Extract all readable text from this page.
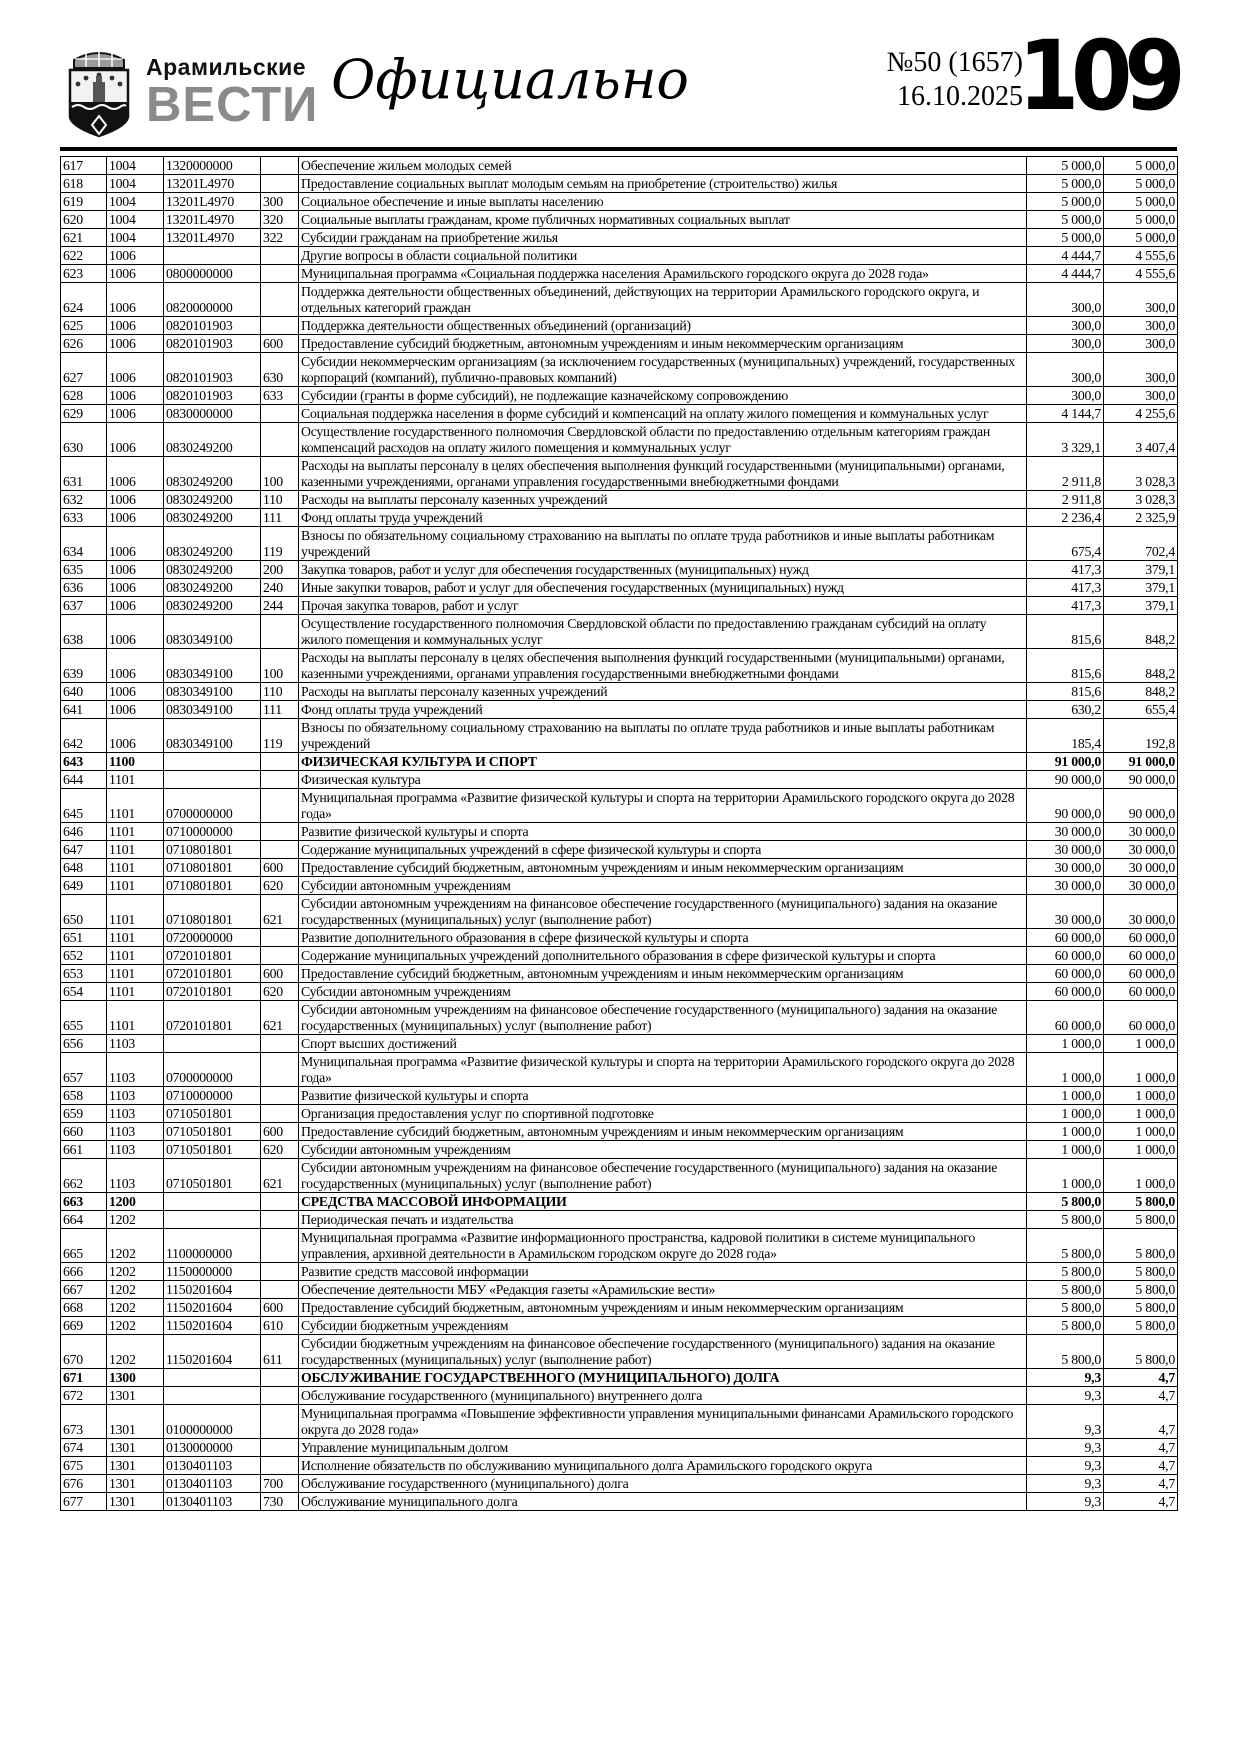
Арамильские
ВЕСТИ Официально	№50 (1657)
16.10.2025
109
617	1004	1320000000		Обеспечение жильем молодых семей	5 000,0	5 000,0
618	1004	13201L4970		Предоставление социальных выплат молодым семьям на приобретение (строительство) жилья	5 000,0	5 000,0
619	1004	13201L4970	300	Социальное обеспечение и иные выплаты населению	5 000,0	5 000,0
620	1004	13201L4970	320	Социальные выплаты гражданам, кроме публичных нормативных социальных выплат	5 000,0	5 000,0
621	1004	13201L4970	322	Субсидии гражданам на приобретение жилья	5 000,0	5 000,0
622	1006			Другие вопросы в области социальной политики	4 444,7	4 555,6
623	1006	0800000000		Муниципальная программа «Социальная поддержка населения Арамильского городского округа до 2028 года»	4 444,7	4 555,6
624	1006	0820000000		Поддержка деятельности общественных объединений, действующих на территории Арамильского городского округа, и отдельных категорий граждан	300,0	300,0
625	1006	0820101903		Поддержка деятельности общественных объединений (организаций)	300,0	300,0
626	1006	0820101903	600	Предоставление субсидий бюджетным, автономным учреждениям и иным некоммерческим организациям	300,0	300,0
627	1006	0820101903	630	Субсидии некоммерческим организациям (за исключением государственных (муниципальных) учреждений, государственных корпораций (компаний), публично-правовых компаний)	300,0	300,0
628	1006	0820101903	633	Субсидии (гранты в форме субсидий), не подлежащие казначейскому сопровождению	300,0	300,0
629	1006	0830000000		Социальная поддержка населения в форме субсидий и компенсаций на оплату жилого помещения и коммунальных услуг	4 144,7	4 255,6
630	1006	0830249200		Осуществление государственного полномочия Свердловской области по предоставлению отдельным категориям граждан компенсаций расходов на оплату жилого помещения и коммунальных услуг	3 329,1	3 407,4
631	1006	0830249200	100	Расходы на выплаты персоналу в целях обеспечения выполнения функций государственными (муниципальными) органами, казенными учреждениями, органами управления государственными внебюджетными фондами	2 911,8	3 028,3
632	1006	0830249200	110	Расходы на выплаты персоналу казенных учреждений	2 911,8	3 028,3
633	1006	0830249200	111	Фонд оплаты труда учреждений	2 236,4	2 325,9
634	1006	0830249200	119	Взносы по обязательному социальному страхованию на выплаты по оплате труда работников и иные выплаты работникам учреждений	675,4	702,4
635	1006	0830249200	200	Закупка товаров, работ и услуг для обеспечения государственных (муниципальных) нужд	417,3	379,1
636	1006	0830249200	240	Иные закупки товаров, работ и услуг для обеспечения государственных (муниципальных) нужд	417,3	379,1
637	1006	0830249200	244	Прочая закупка товаров, работ и услуг	417,3	379,1
638	1006	0830349100		Осуществление государственного полномочия Свердловской области по предоставлению гражданам субсидий на оплату жилого помещения и коммунальных услуг	815,6	848,2
639	1006	0830349100	100	Расходы на выплаты персоналу в целях обеспечения выполнения функций государственными (муниципальными) органами, казенными учреждениями, органами управления государственными внебюджетными фондами	815,6	848,2
640	1006	0830349100	110	Расходы на выплаты персоналу казенных учреждений	815,6	848,2
641	1006	0830349100	111	Фонд оплаты труда учреждений	630,2	655,4
642	1006	0830349100	119	Взносы по обязательному социальному страхованию на выплаты по оплате труда работников и иные выплаты работникам учреждений	185,4	192,8
643	1100			ФИЗИЧЕСКАЯ КУЛЬТУРА И СПОРТ	91 000,0	91 000,0
644	1101			Физическая культура	90 000,0	90 000,0
645	1101	0700000000		Муниципальная программа «Развитие физической культуры и спорта на территории Арамильского городского округа до 2028 года»	90 000,0	90 000,0
646	1101	0710000000		Развитие физической культуры и спорта	30 000,0	30 000,0
647	1101	0710801801		Содержание муниципальных учреждений в сфере физической культуры и спорта	30 000,0	30 000,0
648	1101	0710801801	600	Предоставление субсидий бюджетным, автономным учреждениям и иным некоммерческим организациям	30 000,0	30 000,0
649	1101	0710801801	620	Субсидии автономным учреждениям	30 000,0	30 000,0
650	1101	0710801801	621	Субсидии автономным учреждениям на финансовое обеспечение государственного (муниципального) задания на оказание государственных (муниципальных) услуг (выполнение работ)	30 000,0	30 000,0
651	1101	0720000000		Развитие дополнительного образования в сфере физической культуры и спорта	60 000,0	60 000,0
652	1101	0720101801		Содержание муниципальных учреждений дополнительного образования в сфере физической культуры и спорта	60 000,0	60 000,0
653	1101	0720101801	600	Предоставление субсидий бюджетным, автономным учреждениям и иным некоммерческим организациям	60 000,0	60 000,0
654	1101	0720101801	620	Субсидии автономным учреждениям	60 000,0	60 000,0
655	1101	0720101801	621	Субсидии автономным учреждениям на финансовое обеспечение государственного (муниципального) задания на оказание государственных (муниципальных) услуг (выполнение работ)	60 000,0	60 000,0
656	1103			Спорт высших достижений	1 000,0	1 000,0
657	1103	0700000000		Муниципальная программа «Развитие физической культуры и спорта на территории Арамильского городского округа до 2028 года»	1 000,0	1 000,0
658	1103	0710000000		Развитие физической культуры и спорта	1 000,0	1 000,0
659	1103	0710501801		Организация предоставления услуг по спортивной подготовке	1 000,0	1 000,0
660	1103	0710501801	600	Предоставление субсидий бюджетным, автономным учреждениям и иным некоммерческим организациям	1 000,0	1 000,0
661	1103	0710501801	620	Субсидии автономным учреждениям	1 000,0	1 000,0
662	1103	0710501801	621	Субсидии автономным учреждениям на финансовое обеспечение государственного (муниципального) задания на оказание государственных (муниципальных) услуг (выполнение работ)	1 000,0	1 000,0
663	1200			СРЕДСТВА МАССОВОЙ ИНФОРМАЦИИ	5 800,0	5 800,0
664	1202			Периодическая печать и издательства	5 800,0	5 800,0
665	1202	1100000000		Муниципальная программа «Развитие информационного пространства, кадровой политики в системе муниципального управления, архивной деятельности в Арамильском городском округе до 2028 года»	5 800,0	5 800,0
666	1202	1150000000		Развитие средств массовой информации	5 800,0	5 800,0
667	1202	1150201604		Обеспечение деятельности МБУ «Редакция газеты «Арамильские вести»	5 800,0	5 800,0
668	1202	1150201604	600	Предоставление субсидий бюджетным, автономным учреждениям и иным некоммерческим организациям	5 800,0	5 800,0
669	1202	1150201604	610	Субсидии бюджетным учреждениям	5 800,0	5 800,0
670	1202	1150201604	611	Субсидии бюджетным учреждениям на финансовое обеспечение государственного (муниципального) задания на оказание государственных (муниципальных) услуг (выполнение работ)	5 800,0	5 800,0
671	1300			ОБСЛУЖИВАНИЕ ГОСУДАРСТВЕННОГО (МУНИЦИПАЛЬНОГО) ДОЛГА	9,3	4,7
672	1301			Обслуживание государственного (муниципального) внутреннего долга	9,3	4,7
673	1301	0100000000		Муниципальная программа «Повышение эффективности управления муниципальными финансами Арамильского городского округа до 2028 года»	9,3	4,7
674	1301	0130000000		Управление муниципальным долгом	9,3	4,7
675	1301	0130401103		Исполнение обязательств по обслуживанию муниципального долга Арамильского городского округа	9,3	4,7
676	1301	0130401103	700	Обслуживание государственного (муниципального) долга	9,3	4,7
677	1301	0130401103	730	Обслуживание муниципального долга	9,3	4,7
